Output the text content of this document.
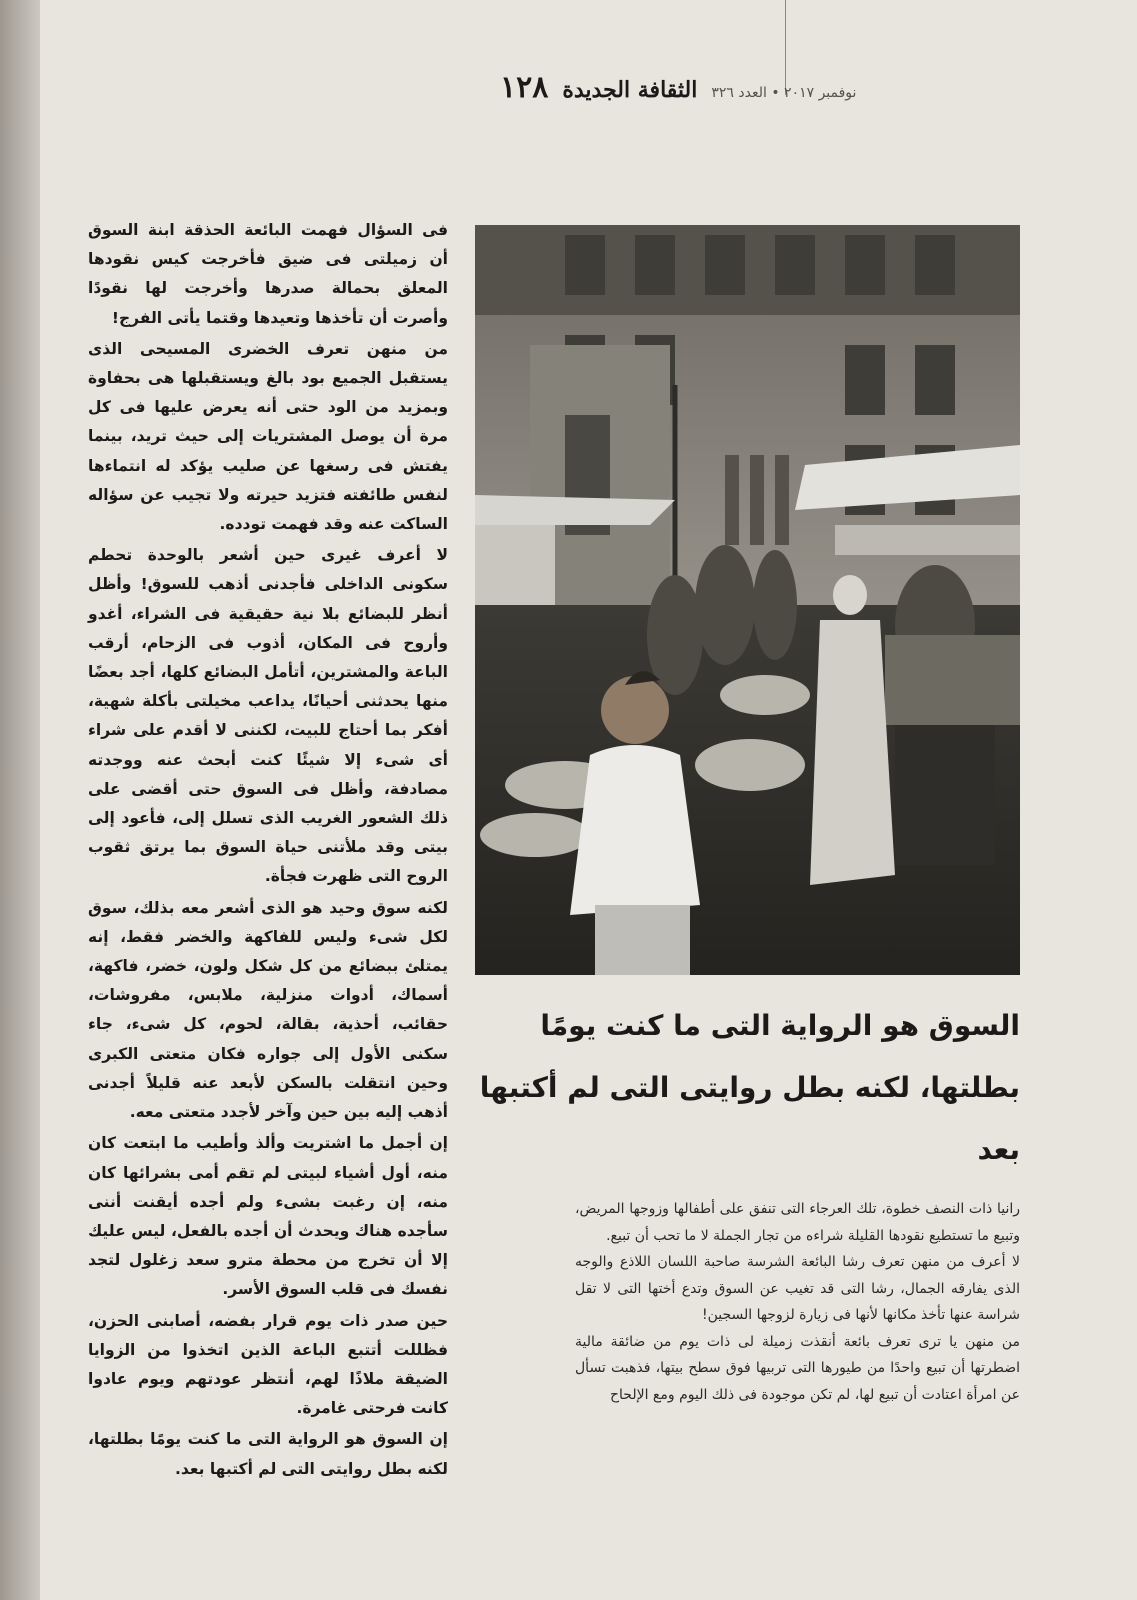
نوفمبر ٢٠١٧ • العدد ٣٢٦
الثقافة الجديدة
١٢٨

فى السؤال فهمت البائعة الحذقة ابنة السوق أن زميلتى فى ضيق فأخرجت كيس نقودها المعلق بحمالة صدرها وأخرجت لها نقودًا وأصرت أن تأخذها وتعيدها وقتما يأتى الفرج!

من منهن تعرف الخضرى المسيحى الذى يستقبل الجميع بود بالغ ويستقبلها هى بحفاوة وبمزيد من الود حتى أنه يعرض عليها فى كل مرة أن يوصل المشتريات إلى حيث تريد، بينما يفتش فى رسغها عن صليب يؤكد له انتماءها لنفس طائفته فتزيد حيرته ولا تجيب عن سؤاله الساكت عنه وقد فهمت تودده.

لا أعرف غيرى حين أشعر بالوحدة تحطم سكونى الداخلى فأجدنى أذهب للسوق! وأظل أنظر للبضائع بلا نية حقيقية فى الشراء، أغدو وأروح فى المكان، أذوب فى الزحام، أرقب الباعة والمشترين، أتأمل البضائع كلها، أجد بعضًا منها يحدثنى أحيانًا، يداعب مخيلتى بأكلة شهية، أفكر بما أحتاج للبيت، لكننى لا أقدم على شراء أى شىء إلا شيئًا كنت أبحث عنه ووجدته مصادفة، وأظل فى السوق حتى أقضى على ذلك الشعور الغريب الذى تسلل إلى، فأعود إلى بيتى وقد ملأتنى حياة السوق بما يرتق ثقوب الروح التى ظهرت فجأة.

لكنه سوق وحيد هو الذى أشعر معه بذلك، سوق لكل شىء وليس للفاكهة والخضر فقط، إنه يمتلئ ببضائع من كل شكل ولون، خضر، فاكهة، أسماك، أدوات منزلية، ملابس، مفروشات، حقائب، أحذية، بقالة، لحوم، كل شىء، جاء سكنى الأول إلى جواره فكان متعتى الكبرى وحين انتقلت بالسكن لأبعد عنه قليلاً أجدنى أذهب إليه بين حين وآخر لأجدد متعتى معه.

إن أجمل ما اشتريت وألذ وأطيب ما ابتعت كان منه، أول أشياء لبيتى لم تقم أمى بشرائها كان منه، إن رغبت بشىء ولم أجده أيقنت أننى سأجده هناك ويحدث أن أجده بالفعل، ليس عليك إلا أن تخرج من محطة مترو سعد زغلول لتجد نفسك فى قلب السوق الأسر.

حين صدر ذات يوم قرار بفضه، أصابنى الحزن، فظللت أتتبع الباعة الذين اتخذوا من الزوايا الضيقة ملاذًا لهم، أنتظر عودتهم ويوم عادوا كانت فرحتى غامرة.

إن السوق هو الرواية التى ما كنت يومًا بطلتها، لكنه بطل روايتى التى لم أكتبها بعد.

السوق هو الرواية التى ما كنت يومًا بطلتها، لكنه بطل روايتى التى لم أكتبها بعد

رانيا ذات النصف خطوة، تلك العرجاء التى تنفق على أطفالها وزوجها المريض، وتبيع ما تستطيع نقودها القليلة شراءه من تجار الجملة لا ما تحب أن تبيع.

لا أعرف من منهن تعرف رشا البائعة الشرسة صاحبة اللسان اللاذع والوجه الذى يفارقه الجمال، رشا التى قد تغيب عن السوق وتدع أختها التى لا تقل شراسة عنها تأخذ مكانها لأنها فى زيارة لزوجها السجين!

من منهن يا ترى تعرف بائعة أنقذت زميلة لى ذات يوم من ضائقة مالية اضطرتها أن تبيع واحدًا من طيورها التى تربيها فوق سطح بيتها، فذهبت تسأل عن امرأة اعتادت أن تبيع لها، لم تكن موجودة فى ذلك اليوم ومع الإلحاح
